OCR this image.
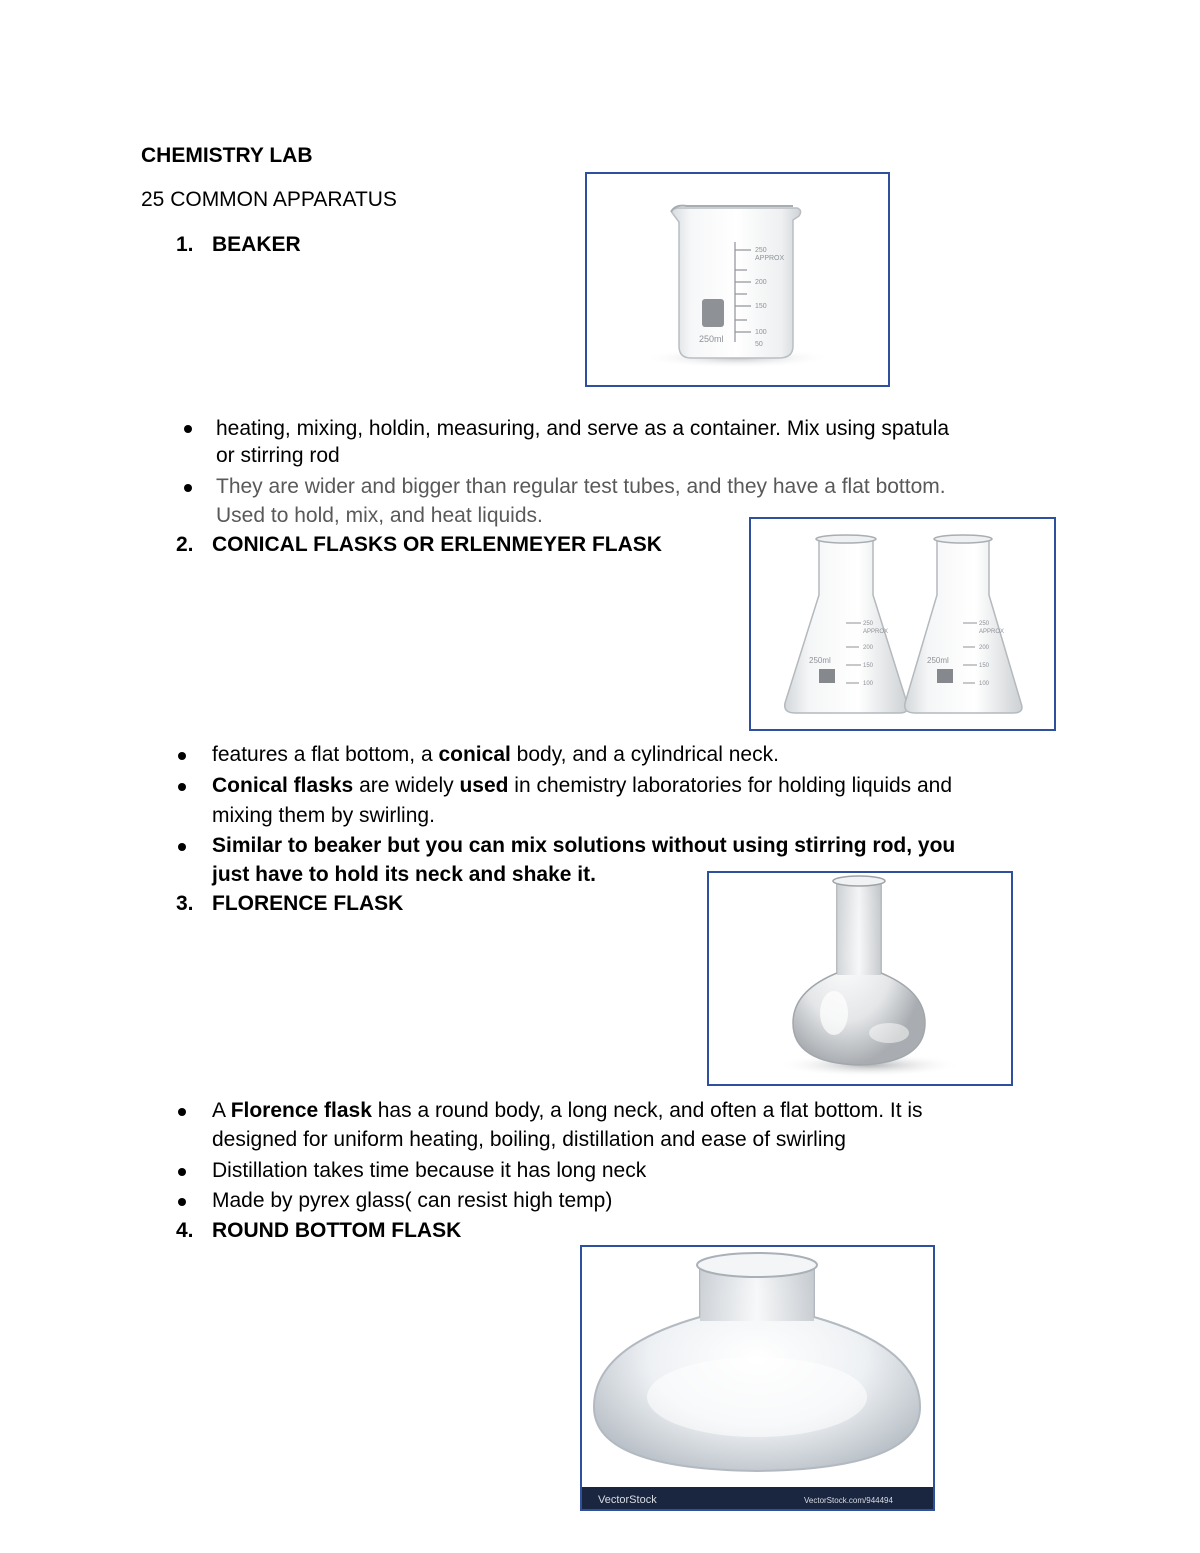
CHEMISTRY LAB
25 COMMON APPARATUS
1. BEAKER	250
APPROX
200
150
100
50
250ml
heating, mixing, holdin, measuring, and serve as a container. Mix using spatula
or stirring rod
They are wider and bigger than regular test tubes, and they have a flat bottom.
Used to hold, mix, and heat liquids.
2. CONICAL FLASKS OR ERLENMEYER FLASK
250
APPROX
200
150
100
250ml
250
APPROX
200
150
100
250ml
features a flat bottom, a conical body, and a cylindrical neck.
Conical flasks are widely used in chemistry laboratories for holding liquids and
mixing them by swirling.
Similar to beaker but you can mix solutions without using stirring rod, you
just have to hold its neck and shake it.
3. FLORENCE FLASK
A Florence flask has a round body, a long neck, and often a flat bottom. It is
designed for uniform heating, boiling, distillation and ease of swirling
Distillation takes time because it has long neck
Made by pyrex glass( can resist high temp)
4. ROUND BOTTOM FLASK
VectorStock	VectorStock.com/944494
